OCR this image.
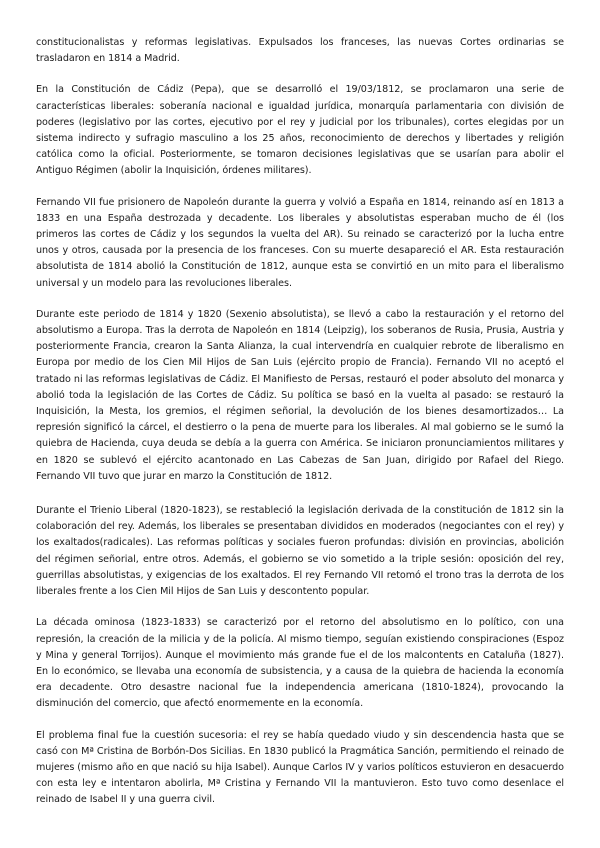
constitucionalistas y reformas legislativas. Expulsados los franceses, las nuevas Cortes ordinarias se trasladaron en 1814 a Madrid.

En la Constitución de Cádiz (Pepa), que se desarrolló el 19/03/1812, se proclamaron una serie de características liberales: soberanía nacional e igualdad jurídica, monarquía parlamentaria con división de poderes (legislativo por las cortes, ejecutivo por el rey y judicial por los tribunales), cortes elegidas por un sistema indirecto y sufragio masculino a los 25 años, reconocimiento de derechos y libertades y religión católica como la oficial. Posteriormente, se tomaron decisiones legislativas que se usarían para abolir el Antiguo Régimen (abolir la Inquisición, órdenes militares).

Fernando VII fue prisionero de Napoleón durante la guerra y volvió a España en 1814, reinando así en 1813 a 1833 en una España destrozada y decadente. Los liberales y absolutistas esperaban mucho de él (los primeros las cortes de Cádiz y los segundos la vuelta del AR). Su reinado se caracterizó por la lucha entre unos y otros, causada por la presencia de los franceses. Con su muerte desapareció el AR. Esta restauración absolutista de 1814 abolió la Constitución de 1812, aunque esta se convirtió en un mito para el liberalismo universal y un modelo para las revoluciones liberales.

Durante este periodo de 1814 y 1820 (Sexenio absolutista), se llevó a cabo la restauración y el retorno del absolutismo a Europa. Tras la derrota de Napoleón en 1814 (Leipzig), los soberanos de Rusia, Prusia, Austria y posteriormente Francia, crearon la Santa Alianza, la cual intervendría en cualquier rebrote de liberalismo en Europa por medio de los Cien Mil Hijos de San Luis (ejército propio de Francia). Fernando VII no aceptó el tratado ni las reformas legislativas de Cádiz. El Manifiesto de Persas, restauró el poder absoluto del monarca y abolió toda la legislación de las Cortes de Cádiz. Su política se basó en la vuelta al pasado: se restauró la Inquisición, la Mesta, los gremios, el régimen señorial, la devolución de los bienes desamortizados… La represión significó la cárcel, el destierro o la pena de muerte para los liberales. Al mal gobierno se le sumó la quiebra de Hacienda, cuya deuda se debía a la guerra con América. Se iniciaron pronunciamientos militares y en 1820 se sublevó el ejército acantonado en Las Cabezas de San Juan, dirigido por Rafael del Riego. Fernando VII tuvo que jurar en marzo la Constitución de 1812.

Durante el Trienio Liberal (1820-1823), se restableció la legislación derivada de la constitución de 1812 sin la colaboración del rey. Además, los liberales se presentaban divididos en moderados (negociantes con el rey) y los exaltados(radicales). Las reformas políticas y sociales fueron profundas: división en provincias, abolición del régimen señorial, entre otros. Además, el gobierno se vio sometido a la triple sesión: oposición del rey, guerrillas absolutistas, y exigencias de los exaltados. El rey Fernando VII retomó el trono tras la derrota de los liberales frente a los Cien Mil Hijos de San Luis y descontento popular.

La década ominosa (1823-1833) se caracterizó por el retorno del absolutismo en lo político, con una represión, la creación de la milicia y de la policía. Al mismo tiempo, seguían existiendo conspiraciones (Espoz y Mina y general Torrijos). Aunque el movimiento más grande fue el de los malcontents en Cataluña (1827). En lo económico, se llevaba una economía de subsistencia, y a causa de la quiebra de hacienda la economía era decadente. Otro desastre nacional fue la independencia americana (1810-1824), provocando la disminución del comercio, que afectó enormemente en la economía.

El problema final fue la cuestión sucesoria: el rey se había quedado viudo y sin descendencia hasta que se casó con Mª Cristina de Borbón-Dos Sicilias. En 1830 publicó la Pragmática Sanción, permitiendo el reinado de mujeres (mismo año en que nació su hija Isabel). Aunque Carlos IV y varios políticos estuvieron en desacuerdo con esta ley e intentaron abolirla, Mª Cristina y Fernando VII la mantuvieron. Esto tuvo como desenlace el reinado de Isabel II y una guerra civil.
